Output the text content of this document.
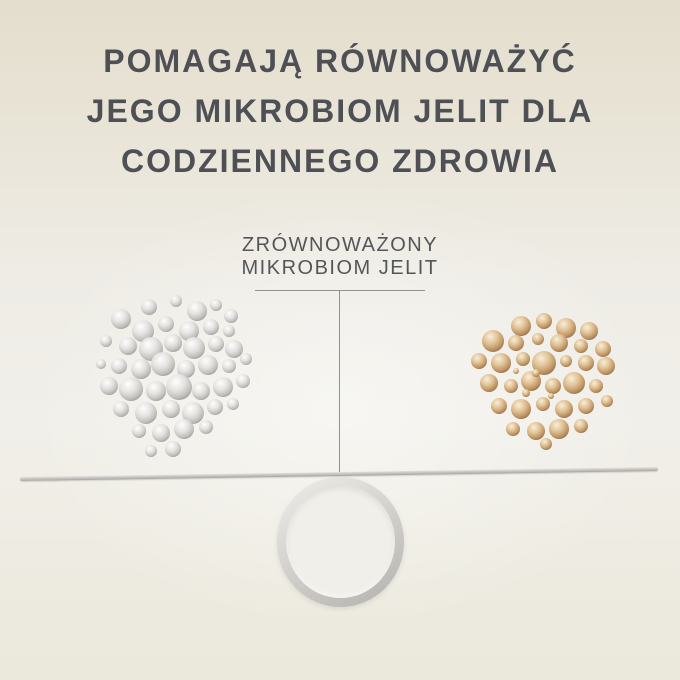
POMAGAJĄ RÓWNOWAŻYĆ
JEGO MIKROBIOM JELIT DLA
CODZIENNEGO ZDROWIA
ZRÓWNOWAŻONY
MIKROBIOM JELIT
